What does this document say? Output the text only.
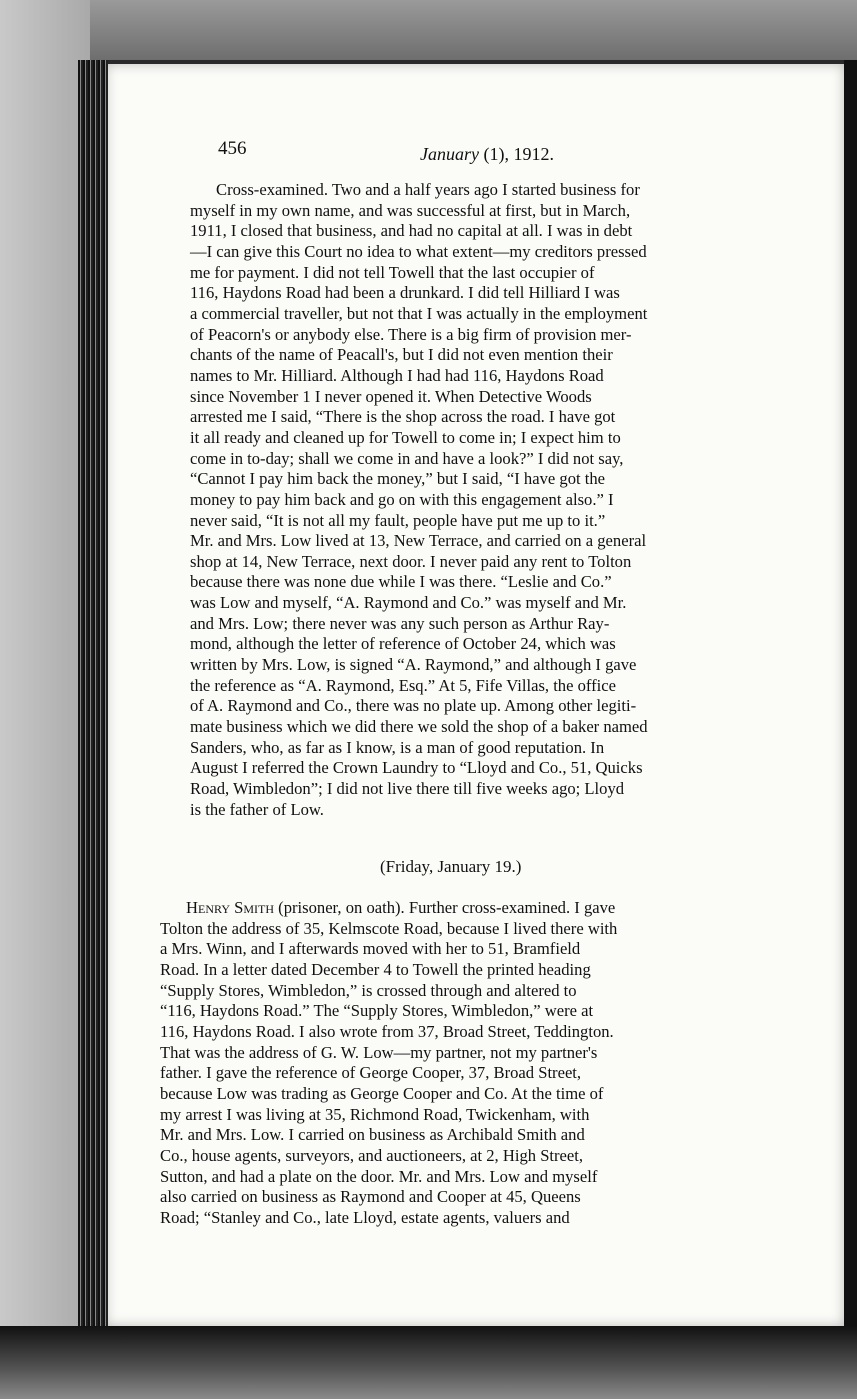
456	January (1), 1912.
Cross-examined. Two and a half years ago I started business for
myself in my own name, and was successful at first, but in March,
1911, I closed that business, and had no capital at all. I was in debt
—I can give this Court no idea to what extent—my creditors pressed
me for payment. I did not tell Towell that the last occupier of
116, Haydons Road had been a drunkard. I did tell Hilliard I was
a commercial traveller, but not that I was actually in the employment
of Peacorn's or anybody else. There is a big firm of provision mer-
chants of the name of Peacall's, but I did not even mention their
names to Mr. Hilliard. Although I had had 116, Haydons Road
since November 1 I never opened it. When Detective Woods
arrested me I said, “There is the shop across the road. I have got
it all ready and cleaned up for Towell to come in; I expect him to
come in to-day; shall we come in and have a look?” I did not say,
“Cannot I pay him back the money,” but I said, “I have got the
money to pay him back and go on with this engagement also.” I
never said, “It is not all my fault, people have put me up to it.”
Mr. and Mrs. Low lived at 13, New Terrace, and carried on a general
shop at 14, New Terrace, next door. I never paid any rent to Tolton
because there was none due while I was there. “Leslie and Co.”
was Low and myself, “A. Raymond and Co.” was myself and Mr.
and Mrs. Low; there never was any such person as Arthur Ray-
mond, although the letter of reference of October 24, which was
written by Mrs. Low, is signed “A. Raymond,” and although I gave
the reference as “A. Raymond, Esq.” At 5, Fife Villas, the office
of A. Raymond and Co., there was no plate up. Among other legiti-
mate business which we did there we sold the shop of a baker named
Sanders, who, as far as I know, is a man of good reputation. In
August I referred the Crown Laundry to “Lloyd and Co., 51, Quicks
Road, Wimbledon”; I did not live there till five weeks ago; Lloyd
is the father of Low.
(Friday, January 19.)
Henry Smith (prisoner, on oath). Further cross-examined. I gave
Tolton the address of 35, Kelmscote Road, because I lived there with
a Mrs. Winn, and I afterwards moved with her to 51, Bramfield
Road. In a letter dated December 4 to Towell the printed heading
“Supply Stores, Wimbledon,” is crossed through and altered to
“116, Haydons Road.” The “Supply Stores, Wimbledon,” were at
116, Haydons Road. I also wrote from 37, Broad Street, Teddington.
That was the address of G. W. Low—my partner, not my partner's
father. I gave the reference of George Cooper, 37, Broad Street,
because Low was trading as George Cooper and Co. At the time of
my arrest I was living at 35, Richmond Road, Twickenham, with
Mr. and Mrs. Low. I carried on business as Archibald Smith and
Co., house agents, surveyors, and auctioneers, at 2, High Street,
Sutton, and had a plate on the door. Mr. and Mrs. Low and myself
also carried on business as Raymond and Cooper at 45, Queens
Road; “Stanley and Co., late Lloyd, estate agents, valuers and
